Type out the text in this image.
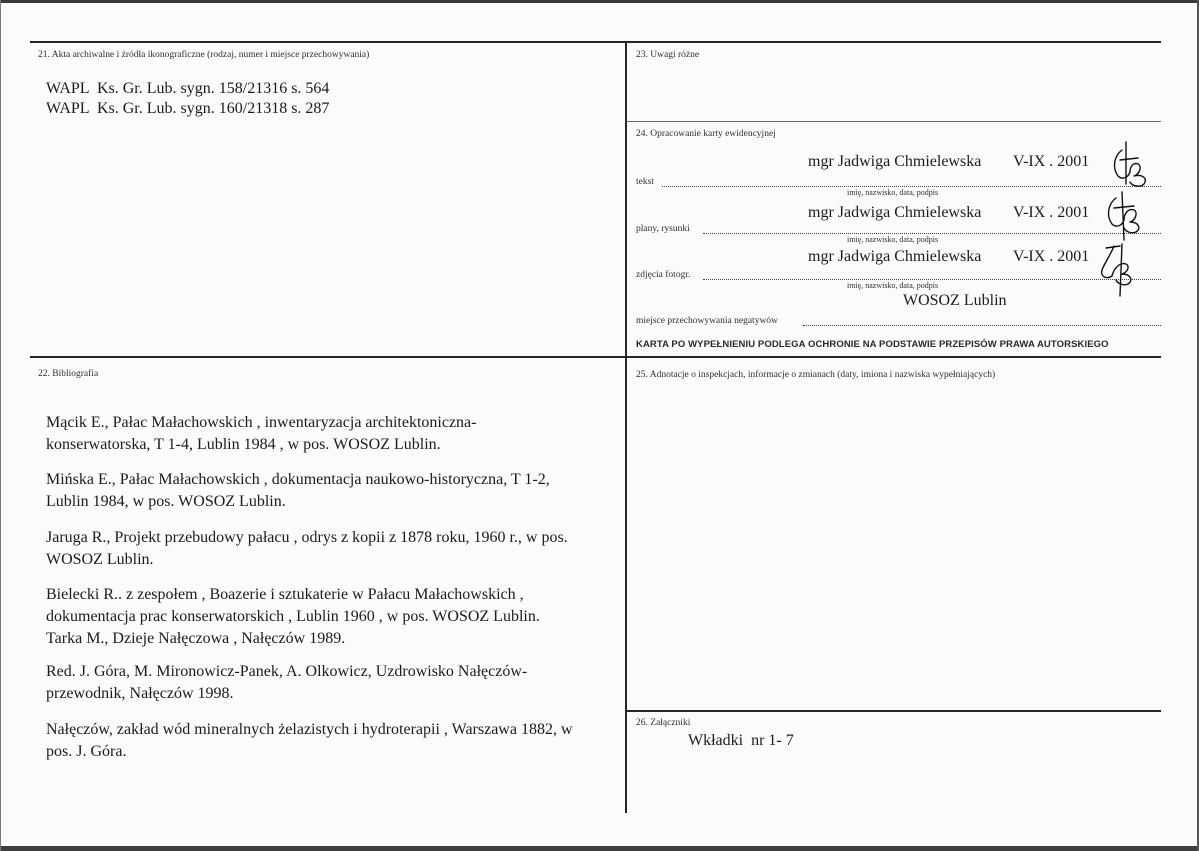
21. Akta archiwalne i źródła ikonograficzne (rodzaj, numer i miejsce przechowywania)
WAPL  Ks. Gr. Lub. sygn. 158/21316 s. 564
WAPL  Ks. Gr. Lub. sygn. 160/21318 s. 287
22. Bibliografia
Mącik E., Pałac Małachowskich , inwentaryzacja architektoniczna-
konserwatorska, T 1-4, Lublin 1984 , w pos. WOSOZ Lublin.
Mińska E., Pałac Małachowskich , dokumentacja naukowo-historyczna, T 1-2,
Lublin 1984, w pos. WOSOZ Lublin.
Jaruga R., Projekt przebudowy pałacu , odrys z kopii z 1878 roku, 1960 r., w pos.
WOSOZ Lublin.
Bielecki R.. z zespołem , Boazerie i sztukaterie w Pałacu Małachowskich ,
dokumentacja prac konserwatorskich , Lublin 1960 , w pos. WOSOZ Lublin.
Tarka M., Dzieje Nałęczowa , Nałęczów 1989.
Red. J. Góra, M. Mironowicz-Panek, A. Olkowicz, Uzdrowisko Nałęczów-
przewodnik, Nałęczów 1998.
Nałęczów, zakład wód mineralnych żelazistych i hydroterapii , Warszawa 1882, w
pos. J. Góra.
23. Uwagi różne
24. Opracowanie karty ewidencyjnej
mgr Jadwiga Chmielewska V-IX . 2001
tekst
imię, nazwisko, data, podpis
mgr Jadwiga Chmielewska V-IX . 2001
plany, rysunki
imię, nazwisko, data, podpis
mgr Jadwiga Chmielewska V-IX . 2001
zdjęcia fotogr.
imię, nazwisko, data, podpis
WOSOZ Lublin
miejsce przechowywania negatywów
KARTA PO WYPEŁNIENIU PODLEGA OCHRONIE NA PODSTAWIE PRZEPISÓW PRAWA AUTORSKIEGO
25. Adnotacje o inspekcjach, informacje o zmianach (daty, imiona i nazwiska wypełniających)
26. Załączniki
Wkładki  nr 1- 7
